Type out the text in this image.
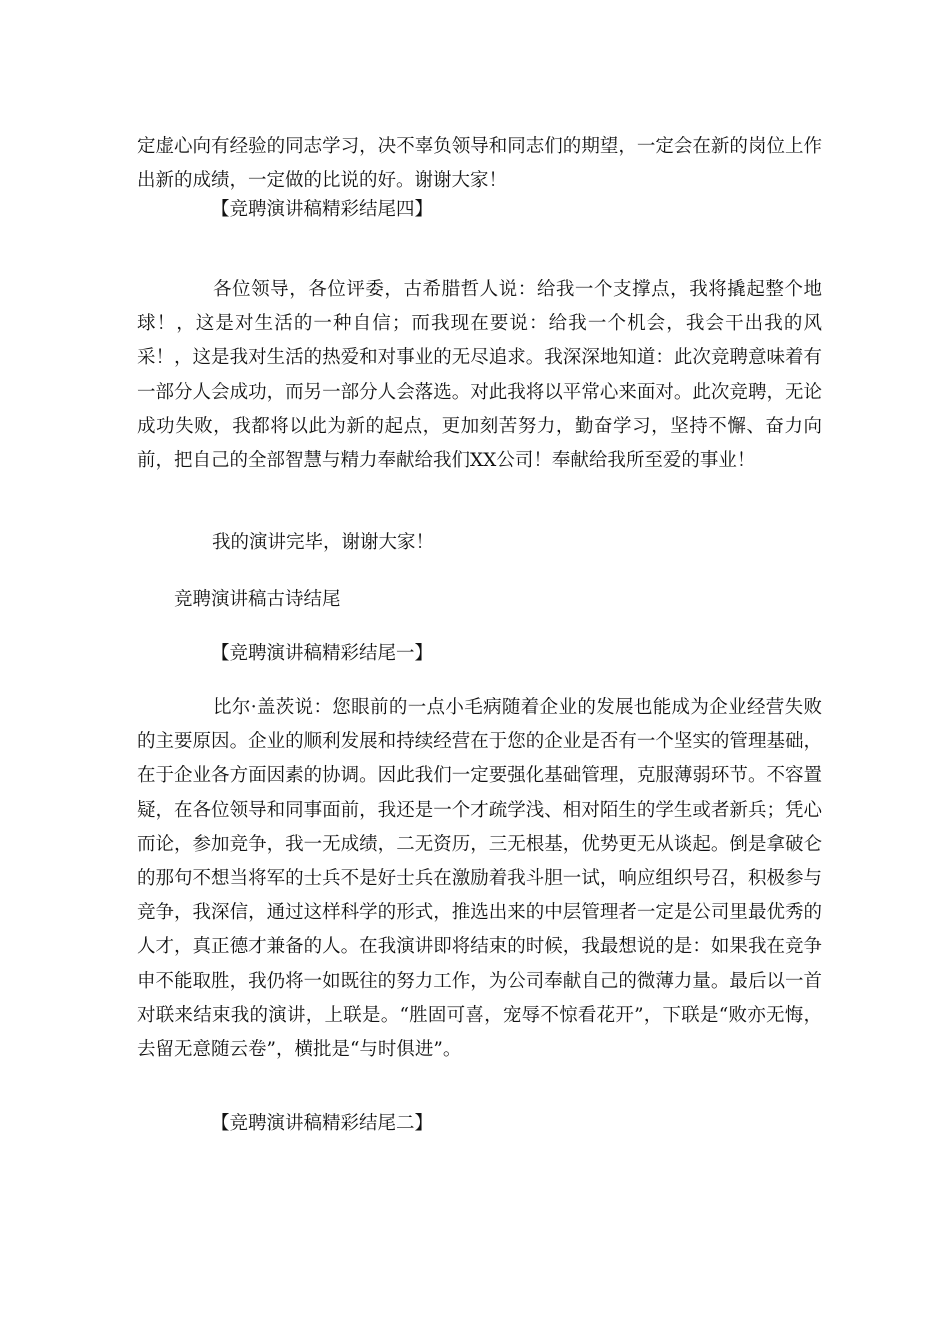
定虚心向有经验的同志学习，决不辜负领导和同志们的期望，一定会在新的岗位上作出新的成绩，一定做的比说的好。谢谢大家！

【竞聘演讲稿精彩结尾四】

各位领导，各位评委，古希腊哲人说：给我一个支撑点，我将撬起整个地球！，这是对生活的一种自信；而我现在要说：给我一个机会，我会干出我的风采！，这是我对生活的热爱和对事业的无尽追求。我深深地知道：此次竞聘意味着有一部分人会成功，而另一部分人会落选。对此我将以平常心来面对。此次竞聘，无论成功失败，我都将以此为新的起点，更加刻苦努力，勤奋学习，坚持不懈、奋力向前，把自己的全部智慧与精力奉献给我们XX公司！奉献给我所至爱的事业！

我的演讲完毕，谢谢大家！

竞聘演讲稿古诗结尾

【竞聘演讲稿精彩结尾一】

比尔·盖茨说：您眼前的一点小毛病随着企业的发展也能成为企业经营失败的主要原因。企业的顺利发展和持续经营在于您的企业是否有一个坚实的管理基础，在于企业各方面因素的协调。因此我们一定要强化基础管理，克服薄弱环节。不容置疑，在各位领导和同事面前，我还是一个才疏学浅、相对陌生的学生或者新兵；凭心而论，参加竞争，我一无成绩，二无资历，三无根基，优势更无从谈起。倒是拿破仑的那句不想当将军的士兵不是好士兵在激励着我斗胆一试，响应组织号召，积极参与竞争，我深信，通过这样科学的形式，推选出来的中层管理者一定是公司里最优秀的人才，真正德才兼备的人。在我演讲即将结束的时候，我最想说的是：如果我在竞争申不能取胜，我仍将一如既往的努力工作，为公司奉献自己的微薄力量。最后以一首对联来结束我的演讲，上联是。“胜固可喜，宠辱不惊看花开”，下联是“败亦无悔，去留无意随云卷”，横批是“与时俱进”。

【竞聘演讲稿精彩结尾二】
